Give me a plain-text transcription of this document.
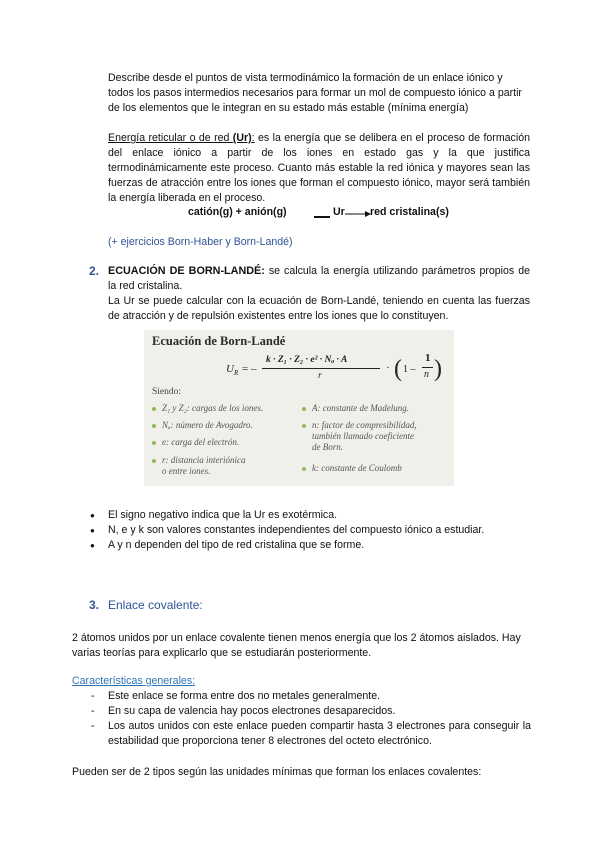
Describe desde el puntos de vista termodinámico la formación de un enlace iónico y todos los pasos intermedios necesarios para formar un mol de compuesto iónico a partir de los elementos que le integran en su estado más estable (mínima energía)
Energía reticular o de red (Ur): es la energía que se delibera en el proceso de formación del enlace iónico a partir de los iones en estado gas y la que justifica termodinámicamente este proceso. Cuanto más estable la red iónica y mayores sean las fuerzas de atracción entre los iones que forman el compuesto iónico, mayor será también la energía liberada en el proceso.
catión(g) + anión(g)	Ur → red cristalina(s)
(+ ejercicios Born-Haber y Born-Landé)
2. ECUACIÓN DE BORN-LANDÉ: se calcula la energía utilizando parámetros propios de la red cristalina.
La Ur se puede calcular con la ecuación de Born-Landé, teniendo en cuenta las fuerzas de atracción y de repulsión existentes entre los iones que lo constituyen.
Ecuación de Born-Landé
$U_R$ = –
k · Z₁ · Z₂ · e² · Nₐ · A
r
· ( 1 –
1
n )
Siendo:
Z₁ y Z₂: cargas de los iones.
Nₐ: número de Avogadro.
e: carga del electrón.
r: distancia interiónica
o entre iones.
A: constante de Madelung.
n: factor de compresibilidad,
también llamado coeficiente
de Born.
k: constante de Coulomb
● El signo negativo indica que la Ur es exotérmica.
● N, e y k son valores constantes independientes del compuesto iónico a estudiar.
● A y n dependen del tipo de red cristalina que se forme.
3. Enlace covalente:
2 átomos unidos por un enlace covalente tienen menos energía que los 2 átomos aislados. Hay varias teorías para explicarlo que se estudiarán posteriormente.
Características generales:
- Este enlace se forma entre dos no metales generalmente.
- En su capa de valencia hay pocos electrones desaparecidos.
- Los autos unidos con este enlace pueden compartir hasta 3 electrones para conseguir la estabilidad que proporciona tener 8 electrones del octeto electrónico.
Pueden ser de 2 tipos según las unidades mínimas que forman los enlaces covalentes:
